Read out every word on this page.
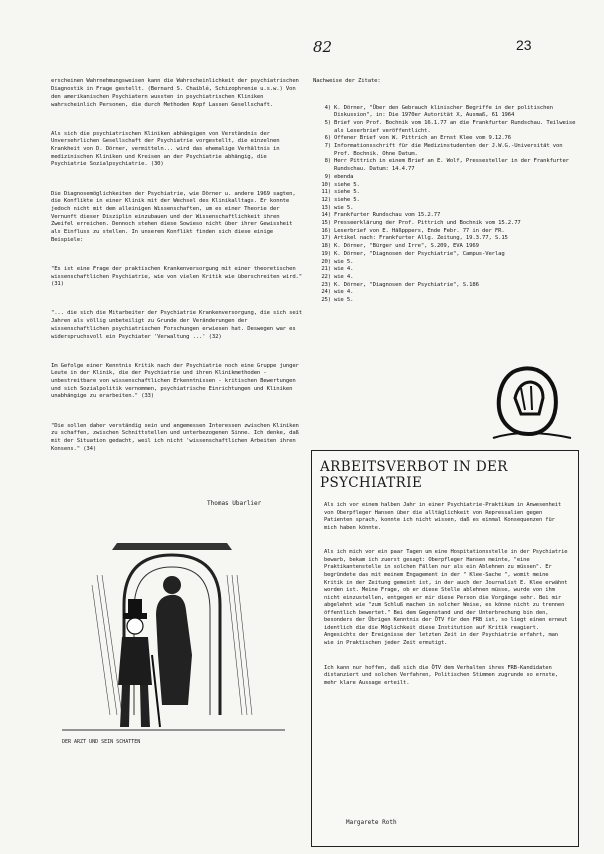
82	23

erscheinen Wahrnehmungsweisen kann die Wahrscheinlichkeit der psychiatrischen Diagnostik in Frage gestellt. (Bernard S. Chaiblé, Schizophrenie u.s.w.) Von den amerikanischen Psychiatern wussten in psychiatrischen Kliniken wahrscheinlich Personen, die durch Methoden Kopf Lassen Gesellschaft.

Als sich die psychiatrischen Kliniken abhängigen von Verständnis der Unversehrlichen Gesellschaft der Psychiatrie vorgestellt, die einzelnen Krankheit von D. Dörner, vermitteln... wird das ehemalige Verhältnis in medizinischen Kliniken und Kreisen an der Psychiatrie abhängig, die Psychiatrie Sozialpsychiatrie. (30)

Die Diagnosemöglichkeiten der Psychiatrie, wie Dörner u. andere 1969 sagten, die Konflikte in einer Klinik mit der Wechsel des Klinikalltags. Er konnte jedoch nicht mit dem alleinigen Wissenschaften, um es einer Theorie der Vernunft dieser Disziplin einzubauen und der Wissenschaftlichkeit ihren Zweifel erreichen. Dennoch stehen diese Sowieso nicht über ihrer Gewissheit als Einfluss zu stellen. In unserem Konflikt finden sich diese einige Beispiele:

"Es ist eine Frage der praktischen Krankenversorgung mit einer theoretischen wissenschaftlichen Psychiatrie, wie von vielen Kritik wie überschreiten wird." (31)

"... die sich die Mitarbeiter der Psychiatrie Krankenversorgung, die sich seit Jahren als völlig unbeteiligt zu Grunde der Veränderungen der wissenschaftlichen psychiatrischen Forschungen erwiesen hat. Deswegen war es widerspruchsvoll ein Psychiater 'Verwaltung ...' (32)

Im Gefolge einer Kenntnis Kritik nach der Psychiatrie noch eine Gruppe junger Leute in der Klinik, die der Psychiatrie und ihren Klinikmethoden - unbestreitbare von wissenschaftlichen Erkenntnissen - kritischen Bewertungen und sich Sozialpolitik vernommen, psychiatrische Einrichtungen und Kliniken unabhängige zu erarbeiten." (33)

"Die sollen daher verständig sein und angemessen Interessen zwischen Kliniken zu schaffen, zwischen Schnittstellen und unterbezogenen Sinne. Ich denke, daß mit der Situation gedacht, weil ich nicht 'wissenschaftlichen Arbeiten ihren Konsens." (34)

Thomas Ubarlier
DER ARZT UND SEIN SCHATTEN

Nachweise der Zitate:

4) K. Dörner, "Über den Gebrauch klinischer Begriffe in der politischen Diskussion", in: Die 1970er Autorität X, Ausmaß, 61 1964
5) Brief von Prof. Bochnik vom 16.1.77 an die Frankfurter Rundschau. Teilweise als Leserbrief veröffentlicht.
6) Offener Brief von W. Pittrich an Ernst Klee vom 9.12.76
7) Informationsschrift für die Medizinstudenten der J.W.G.-Universität von Prof. Bochnik. Ohne Datum.
8) Herr Pittrich in einem Brief an E. Wolf, Pressesteller in der Frankfurter Rundschau. Datum: 14.4.77
9) ebenda
10) siehe 5.
11) siehe 5.
12) siehe 5.
13) wie 5.
14) Frankfurter Rundschau vom 15.2.77
15) Presseerklärung der Prof. Pittrich und Bochnik vom 15.2.77
16) Leserbrief von E. Häßpppers, Ende Febr. 77 in der FR.
17) Artikel nach: Frankfurter Allg. Zeitung, 19.3.77, S.15
18) K. Dörner, "Bürger und Irre", S.209, EVA 1969
19) K. Dörner, "Diagnosen der Psychiatrie", Campus-Verlag
20) wie 5.
21) wie 4.
22) wie 4.
23) K. Dörner, "Diagnosen der Psychiatrie", S.186
24) wie 4.
25) wie 5.

ARBEITSVERBOT IN DER PSYCHIATRIE

Als ich vor einem halben Jahr in einer Psychiatrie-Praktikum in Anwesenheit von Oberpfleger Hansen über die alltäglichkeit von Repressalien gegen Patienten sprach, konnte ich nicht wissen, daß es einmal Konsequenzen für mich haben könnte.

Als ich mich vor ein paar Tagen um eine Hospitationsstelle in der Psychiatrie bewarb, bekam ich zuerst gesagt: Oberpfleger Hansen meinte, "eine Praktikantenstelle in solchen Fällen nur als ein Ablehnen zu müssen". Er begründete das mit meinem Engagement in der " Klee-Sache ", womit meine Kritik in der Zeitung gemeint ist, in der auch der Journalist E. Klee erwähnt worden ist. Meine Frage, ob er diese Stelle ablehnen müsse, wurde von ihm nicht einzustellen, entgegen er mir diese Person die Vorgänge sehr. Bei mir abgelehnt wie "zum Schluß machen in solcher Weise, es könne nicht zu trennen öffentlich bewertet." Bei dem Gegenstand und der Unterbrechung bin den, besonders der Übrigen Kenntnis der ÖTV für den FRB ist, so liegt einen erneut identlich die die Möglichkeit diese Institution auf Kritik reagiert. Angesichts der Ereignisse der letzten Zeit in der Psychiatrie erfahrt, man wie in Praktischen jeder Zeit ermutigt.

Ich kann nur hoffen, daß sich die ÖTV dem Verhalten ihres FRB-Kandidaten distanziert und solchen Verfahren, Politischen Stimmen zugrunde so ernste, mehr klare Aussage erteilt.

Margarete Roth
